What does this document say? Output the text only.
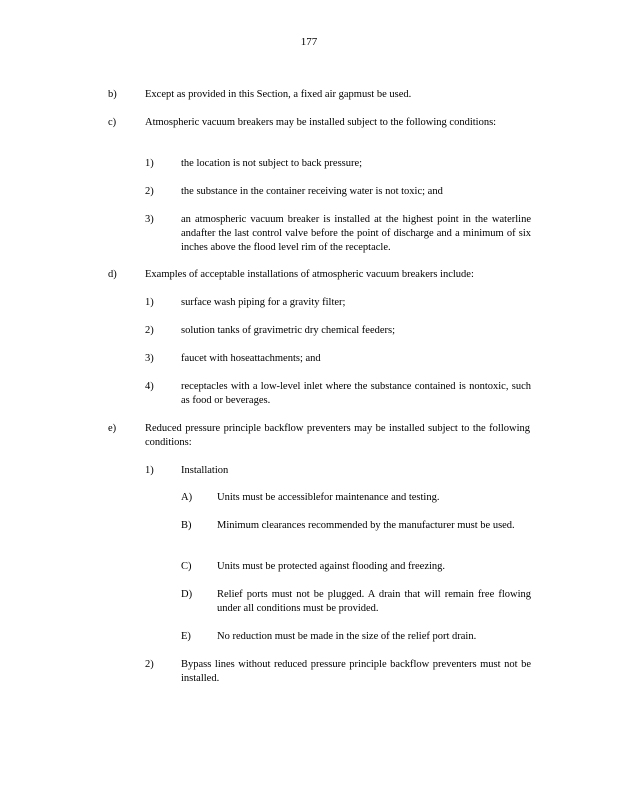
177
b)	Except as provided in this Section, a fixed air gapmust be used.
c)	Atmospheric vacuum breakers may be installed subject to the following conditions:
1)	the location is not subject to back pressure;
2)	the substance in the container receiving water is not toxic; and
3)	an atmospheric vacuum breaker is installed at the highest point in the waterline andafter the last control valve before the point of discharge and a minimum of six inches above the flood level rim of the receptacle.
d)	Examples of acceptable installations of atmospheric vacuum breakers include:
1)	surface wash piping for a gravity filter;
2)	solution tanks of gravimetric dry chemical feeders;
3)	faucet with hoseattachments; and
4)	receptacles with a low-level inlet where the substance contained is nontoxic, such as food or beverages.
e)	Reduced pressure principle backflow preventers may be installed subject to the following conditions:
1)	Installation
A) Units must be accessiblefor maintenance and testing.
B) Minimum clearances recommended by the manufacturer must be used.
C) Units must be protected against flooding and freezing.
D) Relief ports must not be plugged. A drain that will remain free flowing under all conditions must be provided.
E) No reduction must be made in the size of the relief port drain.
2)	Bypass lines without reduced pressure principle backflow preventers must not be installed.
